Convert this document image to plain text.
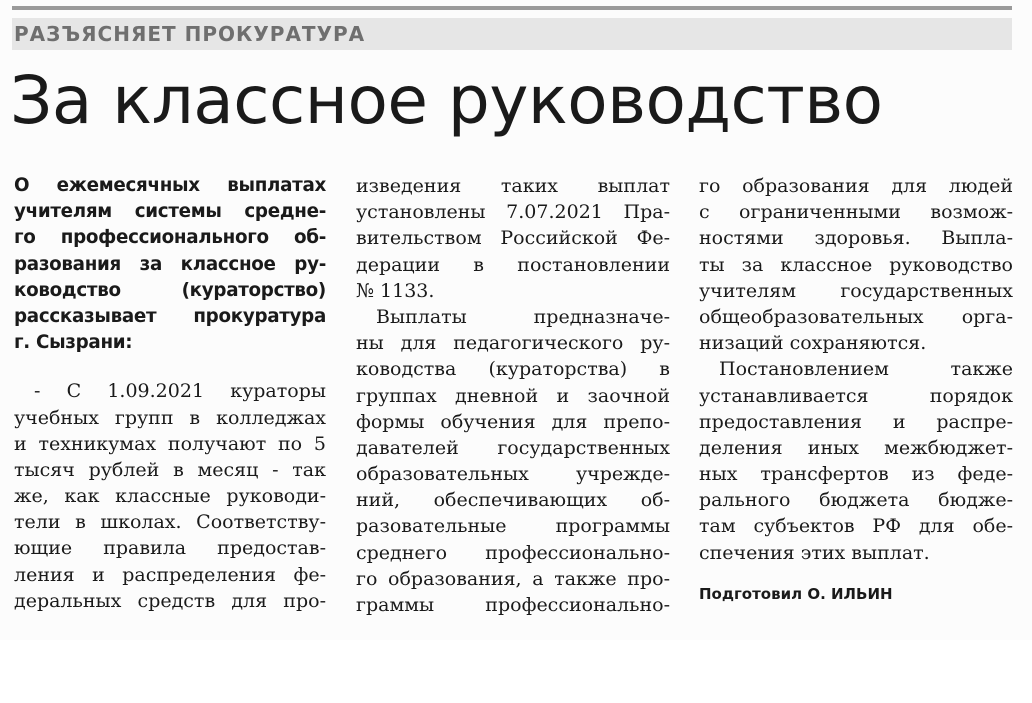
РАЗЪЯСНЯЕТ ПРОКУРАТУРА
За классное руководство
О ежемесячных выплатах
учителям системы средне-
го профессионального об-
разования за классное ру-
ководство (кураторство)
рассказывает прокуратура
г. Сызрани:
- С 1.09.2021 кураторы
учебных групп в колледжах
и техникумах получают по 5
тысяч рублей в месяц - так
же, как классные руководи-
тели в школах. Соответству-
ющие правила предостав-
ления и распределения фе-
деральных средств для про-
изведения таких выплат
установлены 7.07.2021 Пра-
вительством Российской Фе-
дерации в постановлении
№ 1133.
Выплаты предназначе-
ны для педагогического ру-
ководства (кураторства) в
группах дневной и заочной
формы обучения для препо-
давателей государственных
образовательных учрежде-
ний, обеспечивающих об-
разовательные программы
среднего профессионально-
го образования, а также про-
граммы профессионально-
го образования для людей
с ограниченными возмож-
ностями здоровья. Выпла-
ты за классное руководство
учителям государственных
общеобразовательных орга-
низаций сохраняются.
Постановлением также
устанавливается порядок
предоставления и распре-
деления иных межбюджет-
ных трансфертов из феде-
рального бюджета бюдже-
там субъектов РФ для обе-
спечения этих выплат.
Подготовил О. ИЛЬИН
